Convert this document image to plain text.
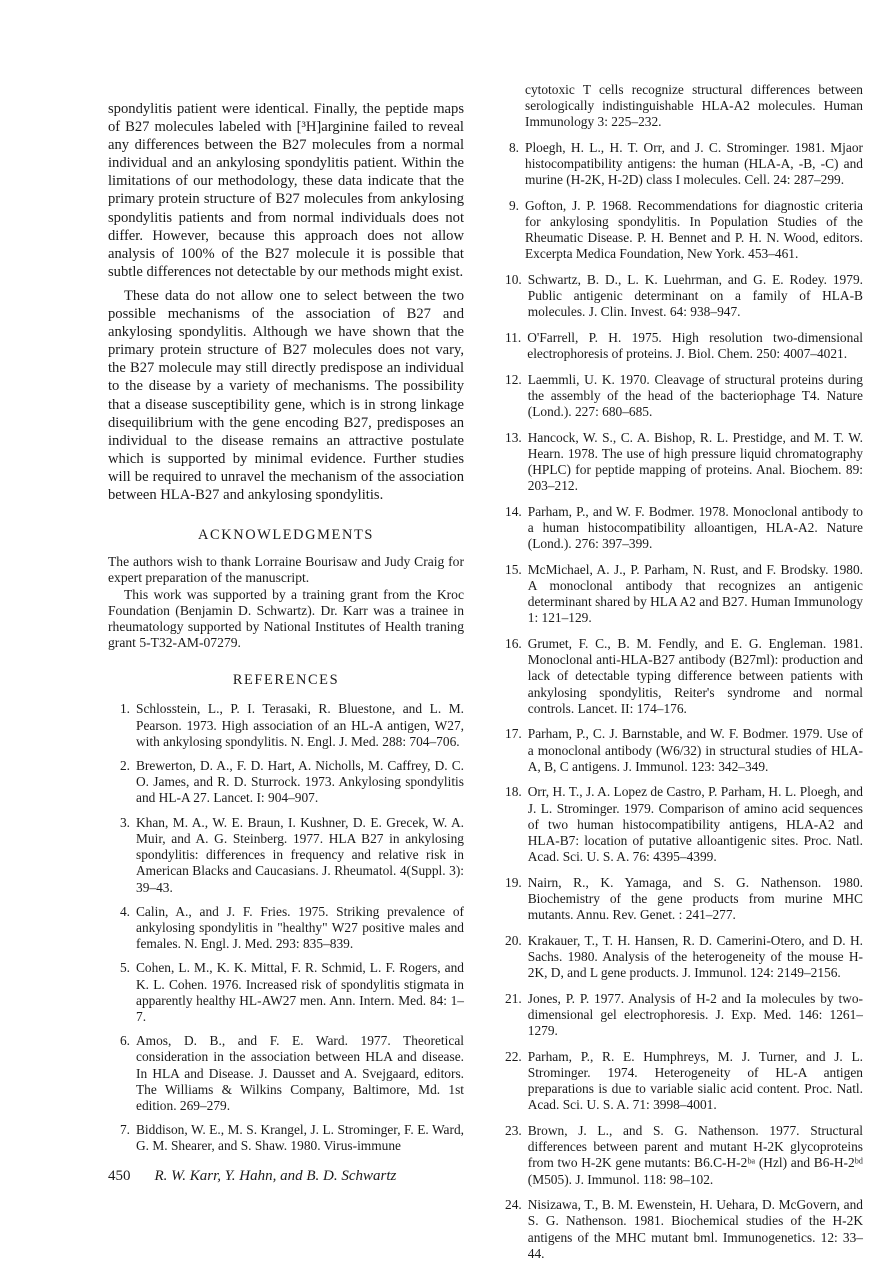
spondylitis patient were identical. Finally, the peptide maps of B27 molecules labeled with [³H]arginine failed to reveal any differences between the B27 molecules from a normal individual and an ankylosing spondylitis patient. Within the limitations of our methodology, these data indicate that the primary protein structure of B27 molecules from ankylosing spondylitis patients and from normal individuals does not differ. However, because this approach does not allow analysis of 100% of the B27 molecule it is possible that subtle differences not detectable by our methods might exist.

These data do not allow one to select between the two possible mechanisms of the association of B27 and ankylosing spondylitis. Although we have shown that the primary protein structure of B27 molecules does not vary, the B27 molecule may still directly predispose an individual to the disease by a variety of mechanisms. The possibility that a disease susceptibility gene, which is in strong linkage disequilibrium with the gene encoding B27, predisposes an individual to the disease remains an attractive postulate which is supported by minimal evidence. Further studies will be required to unravel the mechanism of the association between HLA-B27 and ankylosing spondylitis.

ACKNOWLEDGMENTS

The authors wish to thank Lorraine Bourisaw and Judy Craig for expert preparation of the manuscript.

This work was supported by a training grant from the Kroc Foundation (Benjamin D. Schwartz). Dr. Karr was a trainee in rheumatology supported by National Institutes of Health traning grant 5-T32-AM-07279.

REFERENCES

1. Schlosstein, L., P. I. Terasaki, R. Bluestone, and L. M. Pearson. 1973. High association of an HL-A antigen, W27, with ankylosing spondylitis. N. Engl. J. Med. 288: 704–706.
2. Brewerton, D. A., F. D. Hart, A. Nicholls, M. Caffrey, D. C. O. James, and R. D. Sturrock. 1973. Ankylosing spondylitis and HL-A 27. Lancet. I: 904–907.
3. Khan, M. A., W. E. Braun, I. Kushner, D. E. Grecek, W. A. Muir, and A. G. Steinberg. 1977. HLA B27 in ankylosing spondylitis: differences in frequency and relative risk in American Blacks and Caucasians. J. Rheumatol. 4(Suppl. 3): 39–43.
4. Calin, A., and J. F. Fries. 1975. Striking prevalence of ankylosing spondylitis in "healthy" W27 positive males and females. N. Engl. J. Med. 293: 835–839.
5. Cohen, L. M., K. K. Mittal, F. R. Schmid, L. F. Rogers, and K. L. Cohen. 1976. Increased risk of spondylitis stigmata in apparently healthy HL-AW27 men. Ann. Intern. Med. 84: 1–7.
6. Amos, D. B., and F. E. Ward. 1977. Theoretical consideration in the association between HLA and disease. In HLA and Disease. J. Dausset and A. Svejgaard, editors. The Williams & Wilkins Company, Baltimore, Md. 1st edition. 269–279.
7. Biddison, W. E., M. S. Krangel, J. L. Strominger, F. E. Ward, G. M. Shearer, and S. Shaw. 1980. Virus-immune

cytotoxic T cells recognize structural differences between serologically indistinguishable HLA-A2 molecules. Human Immunology 3: 225–232.

8. Ploegh, H. L., H. T. Orr, and J. C. Strominger. 1981. Mjaor histocompatibility antigens: the human (HLA-A, -B, -C) and murine (H-2K, H-2D) class I molecules. Cell. 24: 287–299.
9. Gofton, J. P. 1968. Recommendations for diagnostic criteria for ankylosing spondylitis. In Population Studies of the Rheumatic Disease. P. H. Bennet and P. H. N. Wood, editors. Excerpta Medica Foundation, New York. 453–461.
10. Schwartz, B. D., L. K. Luehrman, and G. E. Rodey. 1979. Public antigenic determinant on a family of HLA-B molecules. J. Clin. Invest. 64: 938–947.
11. O'Farrell, P. H. 1975. High resolution two-dimensional electrophoresis of proteins. J. Biol. Chem. 250: 4007–4021.
12. Laemmli, U. K. 1970. Cleavage of structural proteins during the assembly of the head of the bacteriophage T4. Nature (Lond.). 227: 680–685.
13. Hancock, W. S., C. A. Bishop, R. L. Prestidge, and M. T. W. Hearn. 1978. The use of high pressure liquid chromatography (HPLC) for peptide mapping of proteins. Anal. Biochem. 89: 203–212.
14. Parham, P., and W. F. Bodmer. 1978. Monoclonal antibody to a human histocompatibility alloantigen, HLA-A2. Nature (Lond.). 276: 397–399.
15. McMichael, A. J., P. Parham, N. Rust, and F. Brodsky. 1980. A monoclonal antibody that recognizes an antigenic determinant shared by HLA A2 and B27. Human Immunology 1: 121–129.
16. Grumet, F. C., B. M. Fendly, and E. G. Engleman. 1981. Monoclonal anti-HLA-B27 antibody (B27ml): production and lack of detectable typing difference between patients with ankylosing spondylitis, Reiter's syndrome and normal controls. Lancet. II: 174–176.
17. Parham, P., C. J. Barnstable, and W. F. Bodmer. 1979. Use of a monoclonal antibody (W6/32) in structural studies of HLA-A, B, C antigens. J. Immunol. 123: 342–349.
18. Orr, H. T., J. A. Lopez de Castro, P. Parham, H. L. Ploegh, and J. L. Strominger. 1979. Comparison of amino acid sequences of two human histocompatibility antigens, HLA-A2 and HLA-B7: location of putative alloantigenic sites. Proc. Natl. Acad. Sci. U. S. A. 76: 4395–4399.
19. Nairn, R., K. Yamaga, and S. G. Nathenson. 1980. Biochemistry of the gene products from murine MHC mutants. Annu. Rev. Genet. : 241–277.
20. Krakauer, T., T. H. Hansen, R. D. Camerini-Otero, and D. H. Sachs. 1980. Analysis of the heterogeneity of the mouse H-2K, D, and L gene products. J. Immunol. 124: 2149–2156.
21. Jones, P. P. 1977. Analysis of H-2 and Ia molecules by two-dimensional gel electrophoresis. J. Exp. Med. 146: 1261–1279.
22. Parham, P., R. E. Humphreys, M. J. Turner, and J. L. Strominger. 1974. Heterogeneity of HL-A antigen preparations is due to variable sialic acid content. Proc. Natl. Acad. Sci. U. S. A. 71: 3998–4001.
23. Brown, J. L., and S. G. Nathenson. 1977. Structural differences between parent and mutant H-2K glycoproteins from two H-2K gene mutants: B6.C-H-2ᵇᵃ (Hzl) and B6-H-2ᵇᵈ (M505). J. Immunol. 118: 98–102.
24. Nisizawa, T., B. M. Ewenstein, H. Uehara, D. McGovern, and S. G. Nathenson. 1981. Biochemical studies of the H-2K antigens of the MHC mutant bml. Immunogenetics. 12: 33–44.
450 R. W. Karr, Y. Hahn, and B. D. Schwartz
